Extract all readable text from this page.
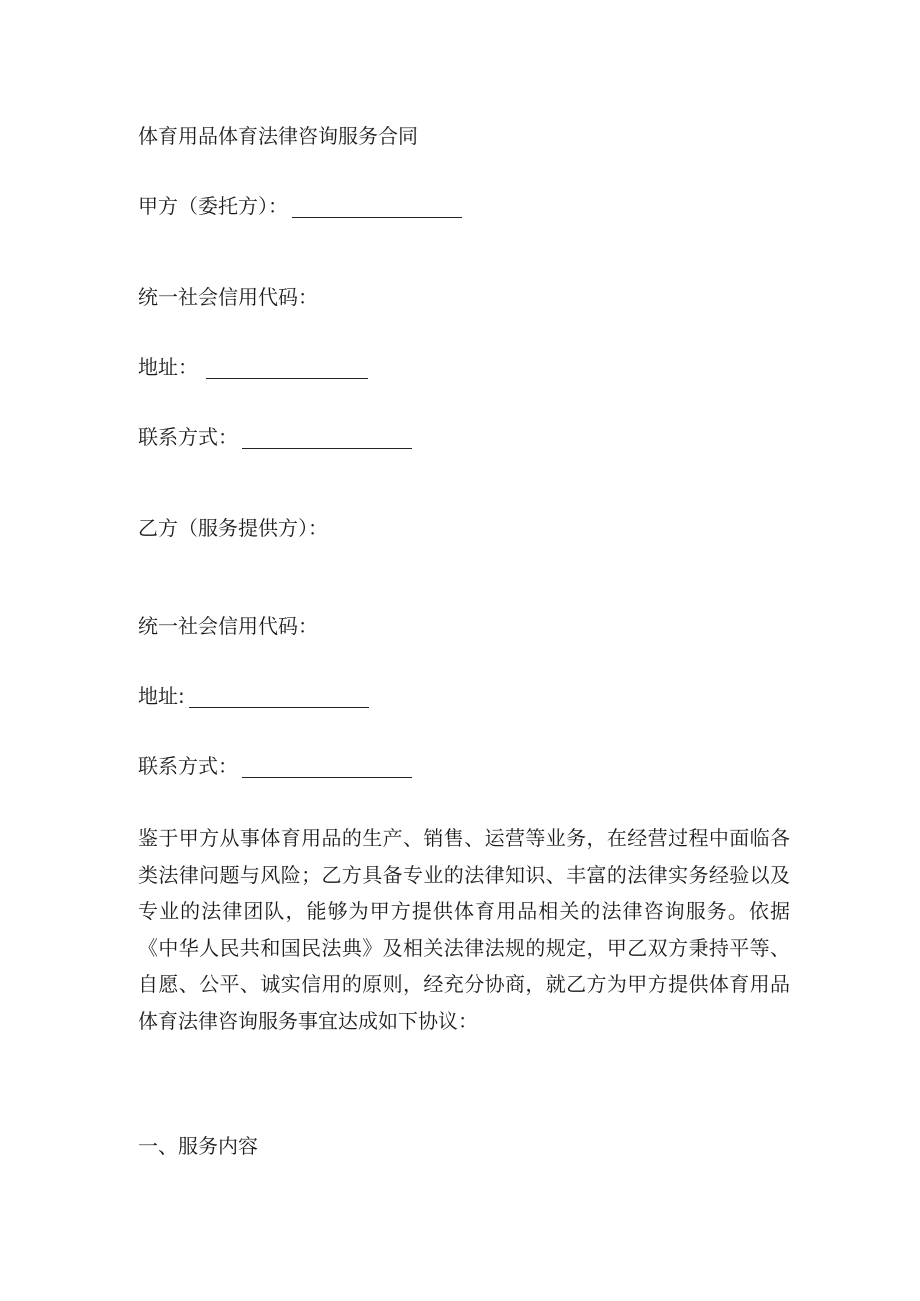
体育用品体育法律咨询服务合同
甲方（委托方）：
统一社会信用代码：
地址：
联系方式：
乙方（服务提供方）：
统一社会信用代码：
地址:
联系方式：

鉴于甲方从事体育用品的生产、销售、运营等业务，在经营过程中面临各类法律问题与风险；乙方具备专业的法律知识、丰富的法律实务经验以及专业的法律团队，能够为甲方提供体育用品相关的法律咨询服务。依据《中华人民共和国民法典》及相关法律法规的规定，甲乙双方秉持平等、自愿、公平、诚实信用的原则，经充分协商，就乙方为甲方提供体育用品体育法律咨询服务事宜达成如下协议：

一、服务内容
